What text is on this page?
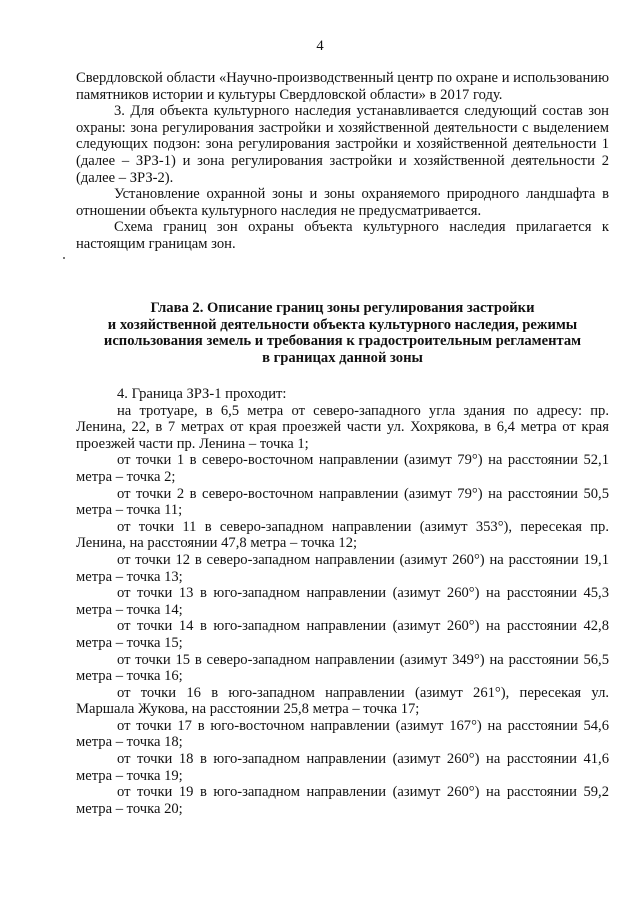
4

Свердловской области «Научно-производственный центр по охране и использованию памятников истории и культуры Свердловской области» в 2017 году.

3. Для объекта культурного наследия устанавливается следующий состав зон охраны: зона регулирования застройки и хозяйственной деятельности с выделением следующих подзон: зона регулирования застройки и хозяйственной деятельности 1 (далее – ЗРЗ-1) и зона регулирования застройки и хозяйственной деятельности 2 (далее – ЗРЗ-2).

Установление охранной зоны и зоны охраняемого природного ландшафта в отношении объекта культурного наследия не предусматривается.

Схема границ зон охраны объекта культурного наследия прилагается к настоящим границам зон.

Глава 2. Описание границ зоны регулирования застройки
и хозяйственной деятельности объекта культурного наследия, режимы
использования земель и требования к градостроительным регламентам
в границах данной зоны

4. Граница ЗРЗ-1 проходит:

на тротуаре, в 6,5 метра от северо-западного угла здания по адресу: пр. Ленина, 22, в 7 метрах от края проезжей части ул. Хохрякова, в 6,4 метра от края проезжей части пр. Ленина – точка 1;

от точки 1 в северо-восточном направлении (азимут 79°) на расстоянии 52,1 метра – точка 2;

от точки 2 в северо-восточном направлении (азимут 79°) на расстоянии 50,5 метра – точка 11;

от точки 11 в северо-западном направлении (азимут 353°), пересекая пр. Ленина, на расстоянии 47,8 метра – точка 12;

от точки 12 в северо-западном направлении (азимут 260°) на расстоянии 19,1 метра – точка 13;

от точки 13 в юго-западном направлении (азимут 260°) на расстоянии 45,3 метра – точка 14;

от точки 14 в юго-западном направлении (азимут 260°) на расстоянии 42,8 метра – точка 15;

от точки 15 в северо-западном направлении (азимут 349°) на расстоянии 56,5 метра – точка 16;

от точки 16 в юго-западном направлении (азимут 261°), пересекая ул. Маршала Жукова, на расстоянии 25,8 метра – точка 17;

от точки 17 в юго-восточном направлении (азимут 167°) на расстоянии 54,6 метра – точка 18;

от точки 18 в юго-западном направлении (азимут 260°) на расстоянии 41,6 метра – точка 19;

от точки 19 в юго-западном направлении (азимут 260°) на расстоянии 59,2 метра – точка 20;
